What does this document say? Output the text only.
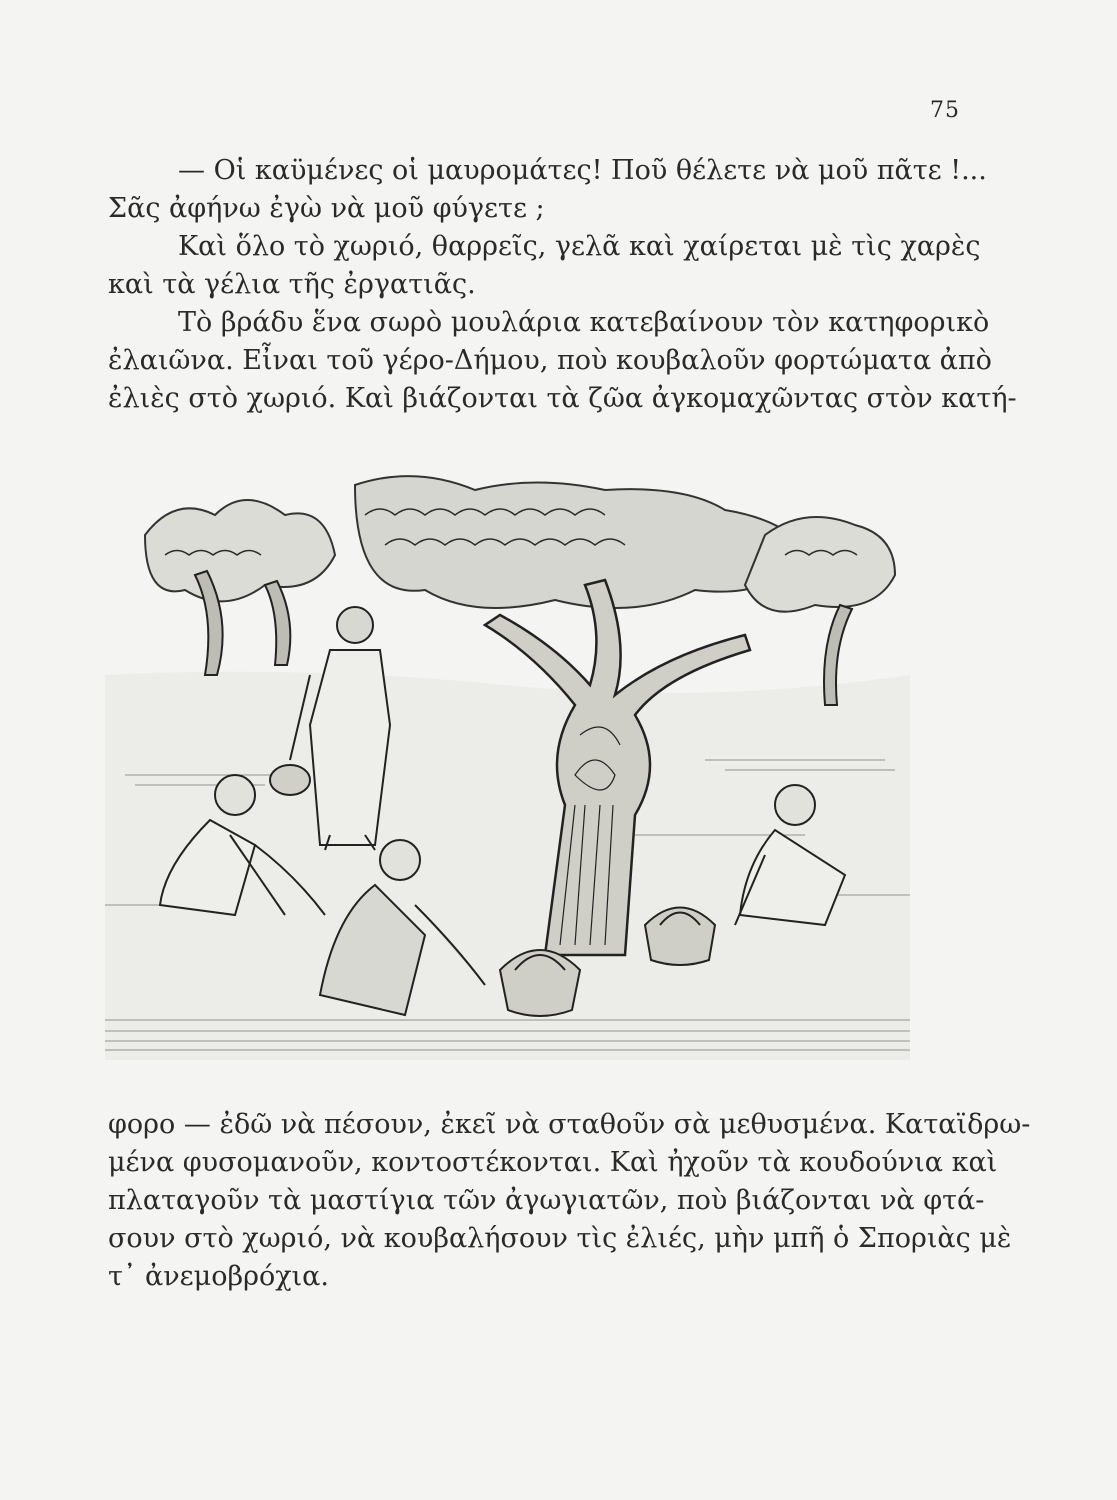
75

— Οἱ καϋμένες οἱ μαυρομάτες! Ποῦ θέλετε νὰ μοῦ πᾶτε !...
Σᾶς ἀφήνω ἐγὼ νὰ μοῦ φύγετε ;

Καὶ ὅλο τὸ χωριό, θαρρεῖς, γελᾶ καὶ χαίρεται μὲ τὶς χαρὲς
καὶ τὰ γέλια τῆς ἐργατιᾶς.

Τὸ βράδυ ἕνα σωρὸ μουλάρια κατεβαίνουν τὸν κατηφορικὸ
ἐλαιῶνα. Εἶναι τοῦ γέρο-Δήμου, ποὺ κουβαλοῦν φορτώματα ἀπὸ
ἐλιὲς στὸ χωριό. Καὶ βιάζονται τὰ ζῶα ἀγκομαχῶντας στὸν κατή-

φορο — ἐδῶ νὰ πέσουν, ἐκεῖ νὰ σταθοῦν σὰ μεθυσμένα. Καταϊδρω-
μένα φυσομανοῦν, κοντοστέκονται. Καὶ ἠχοῦν τὰ κουδούνια καὶ
πλαταγοῦν τὰ μαστίγια τῶν ἀγωγιατῶν, ποὺ βιάζονται νὰ φτά-
σουν στὸ χωριό, νὰ κουβαλήσουν τὶς ἐλιές, μὴν μπῆ ὁ Σποριὰς μὲ
τ᾽ ἀνεμοβρόχια.
